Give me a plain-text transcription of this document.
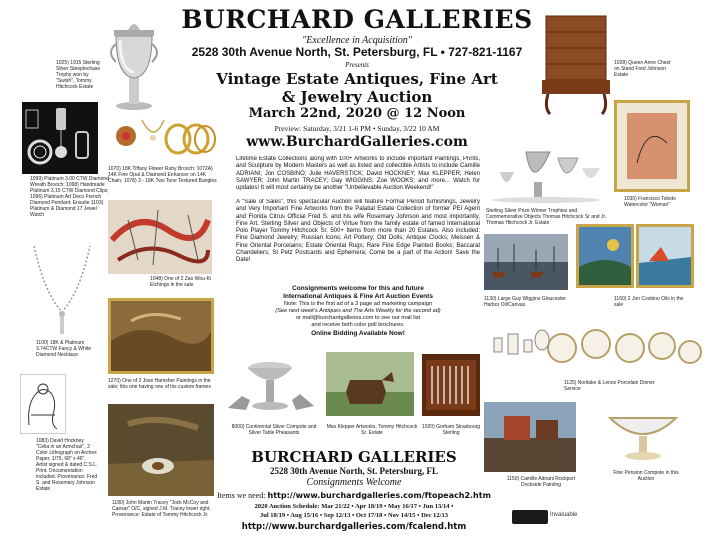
BURCHARD GALLERIES
"Excellence in Acquisition"
2528 30th Avenue North, St. Petersburg, FL • 727-821-1167
Presents
Vintage Estate Antiques, Fine Art
& Jewelry Auction
March 22nd, 2020 @ 12 Noon
Preview: Saturday, 3/21 1-6 PM • Sunday, 3/22 10 AM
www.BurchardGalleries.com
Lifetime Estate Collections along with 100+ Artworks to include important Paintings, Prints, and Sculpture by Modern Masters as well as listed and collectible Artists to include Camille ADRIANI; Jon COSBINO; Julie HAVERSTICK; David HOCKNEY; Max KLEPPER; Helen SAWYER; John Martin TRACEY; Gay WIGGINS; Zoe WOOKS; and more... Watch for updates! It will most certainly be another "Unbelievable Auction Weekend!"
A "Sale of Sales", this spectacular Auction will feature Formal Period furnishings, Jewelry and Very Important Fine Artworks from the Palatial Estate Collection of former PEI Agent and Florida Citrus Official Fred S. and his wife Rosemary Johnson and most importantly, Fine Art, Sterling Silver and Objects of Virtue from the family estate of famed International Polo Player Tommy Hitchcock Sr. 500+ Items from more than 20 Estates. Also included: Fine Diamond Jewelry; Russian Icons; Art Pottery; Old Dolls; Antique Clocks; Meissen & Fine Oriental Porcelains; Estate Oriental Rugs; Rare Fine Edge Painted Books; Baccarat Chandeliers; St Petz Postcards and Ephemera; Come be a part of the Action! Save the Date!
Consignments welcome for this and future
International Antiques & Fine Art Auction Events
Note: This is the first ad of a 3 page ad marketing campaign
(See next week's Antiques and The Arts Weekly for the second ad)
or mail@burchardgalleries.com to see our mail list
and receive both color poll brochures.
Online Bidding Available Now!
1025) 1915 Sterling Silver Steeplechase Trophy won by "Swish", Tommy Hitchcock Estate
1099) Platinum 3.00 CTW Diamond Wreath Brooch; 1098) Handmade Platinum 3.15 CTW Diamond Clips; 1096) Platinum Art Deco French Diamond Pendant; Ensuite 1103) Platinum & Diamond 17 Jewel Watch
1100) 18K & Platinum 3.74CTW Fancy & White Diamond Necklace
1083) David Hockney "Celia in an Armchair", 2 Color Lithograph on Arches Paper, 1/75, 68" x 46", Artist signed & dated C.S.L. Print. Documentation included. Provenance: Fred S. and Rosemary Johnson Estate
1070) 18K Tiffany Flower Ruby Brooch; 1072A) 14K Fine Opal & Diamond Enhancer on 14K Chain; 1078) 3 - 18K Two Tone Textured Bangles
1048) One of 2 Zao Wou-Ki Etchings in the sale
1270) One of 2 Jose Hamsher Paintings in the sale; this one having one of his custom frames
1180) John Martin Tracey "Jock McCoy and Caesar" O/C, signed J.M. Tracey lower right. Provenance: Estate of Tommy Hitchcock Jr.
8000) Continental Silver Compote and Silver Table Pheasants
Max Klepper Artworks, Tommy Hitchcock Sr. Estate
1020) Gorham Strasbourg Sterling
1028) Queen Anne Chest on Stand Fred Johnson Estate
Sterling Silver Prize Winner Trophies and Commemorative Objects Thomas Hitchcock Sr and Jr. Thomas Hitchcock Jr. Estate
1030) Francisco Toledo Watercolor "Woman"
1130) Large Guy Wiggins Gloucester Harbor Oil/Canvas
1160) 2 Jon Cosbino Oils in the sale
1125) Noritake & Lenox Porcelain Dinner Service
1150) Camille Adriani Rockport Dockside Painting
Fine Pension Compote in this Auction
BURCHARD GALLERIES
2528 30th Avenue North, St. Petersburg, FL
Consignments Welcome
Items we need: http://www.burchardgalleries.com/ftopeach2.htm
2020 Auction Schedule: Mar 21/22 • Apr 18/19 • May 16/17 • Jun 13/14 •
Jul 18/19 • Aug 15/16 • Sep 12/13 • Oct 17/18 • Nov 14/15 • Dec 12/13
http://www.burchardgalleries.com/fcalend.htm
Invaluable
